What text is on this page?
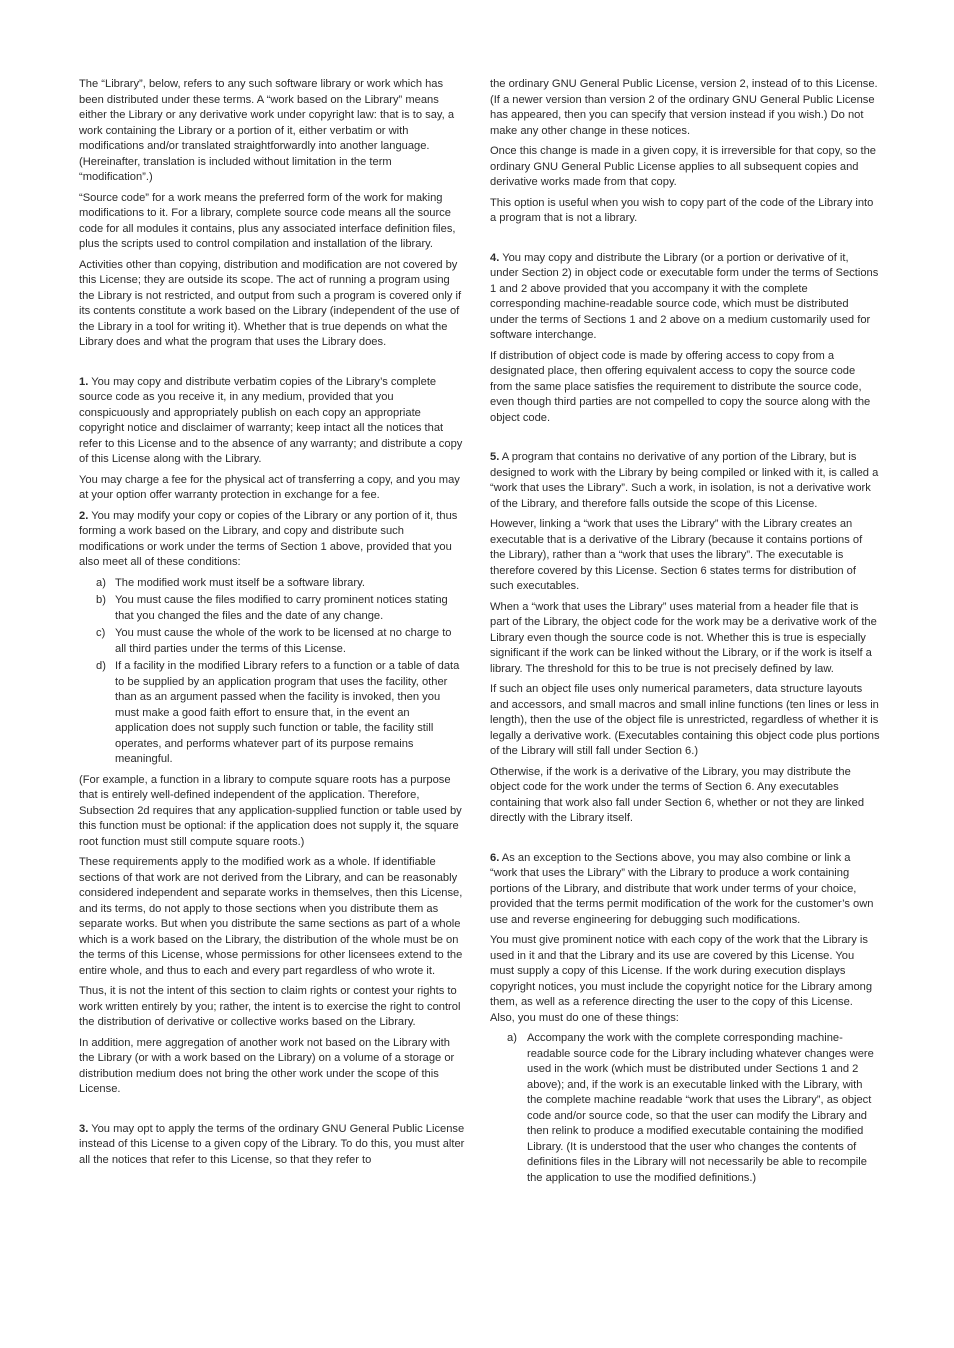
The “Library”, below, refers to any such software library or work which has been distributed under these terms. A “work based on the Library” means either the Library or any derivative work under copyright law: that is to say, a work containing the Library or a portion of it, either verbatim or with modifications and/or translated straightforwardly into another language. (Hereinafter, translation is included without limitation in the term “modification”.)

“Source code” for a work means the preferred form of the work for making modifications to it. For a library, complete source code means all the source code for all modules it contains, plus any associated interface definition files, plus the scripts used to control compilation and installation of the library.

Activities other than copying, distribution and modification are not covered by this License; they are outside its scope. The act of running a program using the Library is not restricted, and output from such a program is covered only if its contents constitute a work based on the Library (independent of the use of the Library in a tool for writing it). Whether that is true depends on what the Library does and what the program that uses the Library does.

1. You may copy and distribute verbatim copies of the Library’s complete source code as you receive it, in any medium, provided that you conspicuously and appropriately publish on each copy an appropriate copyright notice and disclaimer of warranty; keep intact all the notices that refer to this License and to the absence of any warranty; and distribute a copy of this License along with the Library.

You may charge a fee for the physical act of transferring a copy, and you may at your option offer warranty protection in exchange for a fee.

2. You may modify your copy or copies of the Library or any portion of it, thus forming a work based on the Library, and copy and distribute such modifications or work under the terms of Section 1 above, provided that you also meet all of these conditions:

a) The modified work must itself be a software library.
b) You must cause the files modified to carry prominent notices stating that you changed the files and the date of any change.
c) You must cause the whole of the work to be licensed at no charge to all third parties under the terms of this License.
d) If a facility in the modified Library refers to a function or a table of data to be supplied by an application program that uses the facility, other than as an argument passed when the facility is invoked, then you must make a good faith effort to ensure that, in the event an application does not supply such function or table, the facility still operates, and performs whatever part of its purpose remains meaningful.

(For example, a function in a library to compute square roots has a purpose that is entirely well-defined independent of the application. Therefore, Subsection 2d requires that any application-supplied function or table used by this function must be optional: if the application does not supply it, the square root function must still compute square roots.)

These requirements apply to the modified work as a whole. If identifiable sections of that work are not derived from the Library, and can be reasonably considered independent and separate works in themselves, then this License, and its terms, do not apply to those sections when you distribute them as separate works. But when you distribute the same sections as part of a whole which is a work based on the Library, the distribution of the whole must be on the terms of this License, whose permissions for other licensees extend to the entire whole, and thus to each and every part regardless of who wrote it.

Thus, it is not the intent of this section to claim rights or contest your rights to work written entirely by you; rather, the intent is to exercise the right to control the distribution of derivative or collective works based on the Library.

In addition, mere aggregation of another work not based on the Library with the Library (or with a work based on the Library) on a volume of a storage or distribution medium does not bring the other work under the scope of this License.

3. You may opt to apply the terms of the ordinary GNU General Public License instead of this License to a given copy of the Library. To do this, you must alter all the notices that refer to this License, so that they refer to

the ordinary GNU General Public License, version 2, instead of to this License. (If a newer version than version 2 of the ordinary GNU General Public License has appeared, then you can specify that version instead if you wish.) Do not make any other change in these notices.

Once this change is made in a given copy, it is irreversible for that copy, so the ordinary GNU General Public License applies to all subsequent copies and derivative works made from that copy.

This option is useful when you wish to copy part of the code of the Library into a program that is not a library.

4. You may copy and distribute the Library (or a portion or derivative of it, under Section 2) in object code or executable form under the terms of Sections 1 and 2 above provided that you accompany it with the complete corresponding machine-readable source code, which must be distributed under the terms of Sections 1 and 2 above on a medium customarily used for software interchange.

If distribution of object code is made by offering access to copy from a designated place, then offering equivalent access to copy the source code from the same place satisfies the requirement to distribute the source code, even though third parties are not compelled to copy the source along with the object code.

5. A program that contains no derivative of any portion of the Library, but is designed to work with the Library by being compiled or linked with it, is called a “work that uses the Library”. Such a work, in isolation, is not a derivative work of the Library, and therefore falls outside the scope of this License.

However, linking a “work that uses the Library” with the Library creates an executable that is a derivative of the Library (because it contains portions of the Library), rather than a “work that uses the library”. The executable is therefore covered by this License. Section 6 states terms for distribution of such executables.

When a “work that uses the Library” uses material from a header file that is part of the Library, the object code for the work may be a derivative work of the Library even though the source code is not. Whether this is true is especially significant if the work can be linked without the Library, or if the work is itself a library. The threshold for this to be true is not precisely defined by law.

If such an object file uses only numerical parameters, data structure layouts and accessors, and small macros and small inline functions (ten lines or less in length), then the use of the object file is unrestricted, regardless of whether it is legally a derivative work. (Executables containing this object code plus portions of the Library will still fall under Section 6.)

Otherwise, if the work is a derivative of the Library, you may distribute the object code for the work under the terms of Section 6. Any executables containing that work also fall under Section 6, whether or not they are linked directly with the Library itself.

6. As an exception to the Sections above, you may also combine or link a “work that uses the Library” with the Library to produce a work containing portions of the Library, and distribute that work under terms of your choice, provided that the terms permit modification of the work for the customer’s own use and reverse engineering for debugging such modifications.

You must give prominent notice with each copy of the work that the Library is used in it and that the Library and its use are covered by this License. You must supply a copy of this License. If the work during execution displays copyright notices, you must include the copyright notice for the Library among them, as well as a reference directing the user to the copy of this License. Also, you must do one of these things:

a) Accompany the work with the complete corresponding machine-readable source code for the Library including whatever changes were used in the work (which must be distributed under Sections 1 and 2 above); and, if the work is an executable linked with the Library, with the complete machine readable “work that uses the Library”, as object code and/or source code, so that the user can modify the Library and then relink to produce a modified executable containing the modified Library. (It is understood that the user who changes the contents of definitions files in the Library will not necessarily be able to recompile the application to use the modified definitions.)
